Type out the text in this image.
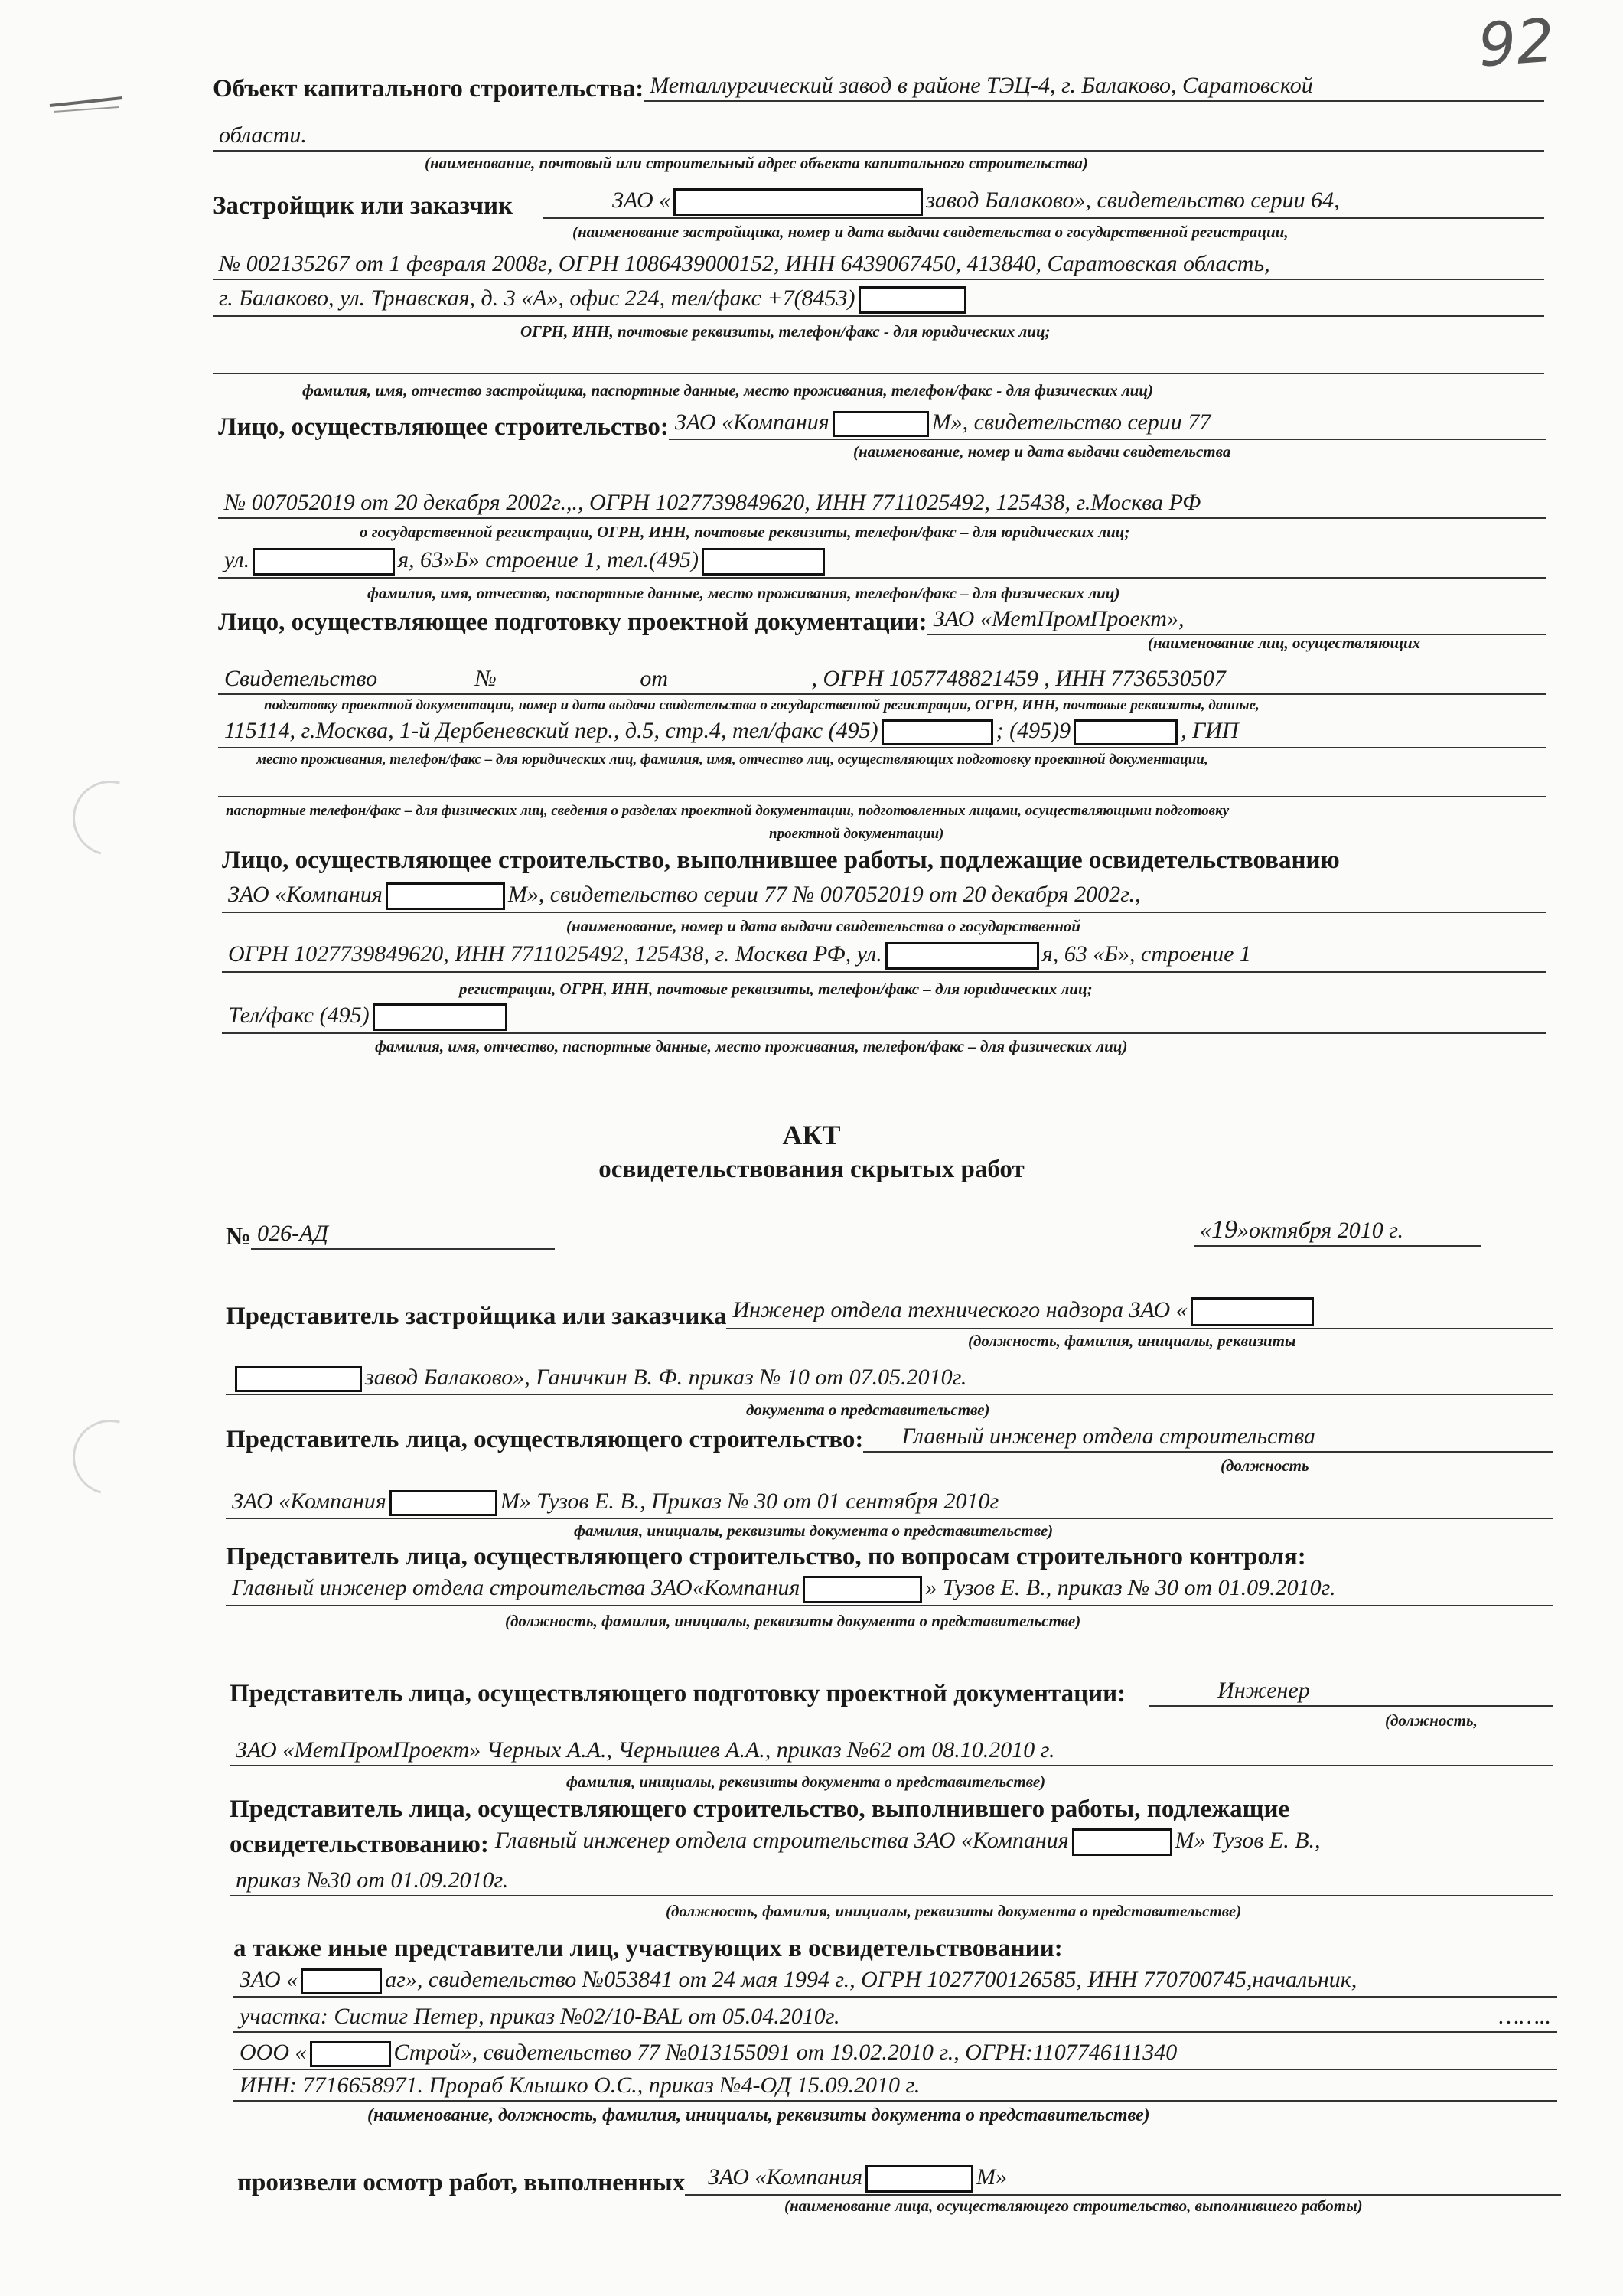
92
Объект капитального строительства: Металлургический завод в районе ТЭЦ-4, г. Балаково, Саратовской
области.
(наименование, почтовый или строительный адрес объекта капитального строительства)
Застройщик или заказчик	ЗАО «	завод Балаково», свидетельство серии 64,
(наименование застройщика, номер и дата выдачи свидетельства о государственной регистрации,
№ 002135267 от 1 февраля 2008г, ОГРН 1086439000152, ИНН 6439067450, 413840, Саратовская область,
г. Балаково, ул. Трнавская, д. 3 «А», офис 224, тел/факс +7(8453)
ОГРН, ИНН, почтовые реквизиты, телефон/факс - для юридических лиц;
фамилия, имя, отчество застройщика, паспортные данные, место проживания, телефон/факс - для физических лиц)
Лицо, осуществляющее строительство: ЗАО «Компания	М», свидетельство серии 77
(наименование, номер и дата выдачи свидетельства
№ 007052019 от 20 декабря 2002г.,., ОГРН 1027739849620, ИНН 7711025492, 125438, г.Москва РФ
о государственной регистрации, ОГРН, ИНН, почтовые реквизиты, телефон/факс – для юридических лиц;
ул.	я, 63»Б» строение 1, тел.(495)
фамилия, имя, отчество, паспортные данные, место проживания, телефон/факс – для физических лиц)
Лицо, осуществляющее подготовку проектной документации: ЗАО «МетПромПроект»,
(наименование лиц, осуществляющих
Свидетельство	№	от	, ОГРН 1057748821459 , ИНН 7736530507
подготовку проектной документации, номер и дата выдачи свидетельства о государственной регистрации, ОГРН, ИНН, почтовые реквизиты, данные,
115114, г.Москва, 1-й Дербеневский пер., д.5, стр.4, тел/факс (495)	; (495)9	, ГИП
место проживания, телефон/факс – для юридических лиц, фамилия, имя, отчество лиц, осуществляющих подготовку проектной документации,
паспортные телефон/факс – для физических лиц, сведения о разделах проектной документации, подготовленных лицами, осуществляющими подготовку
проектной документации)
Лицо, осуществляющее строительство, выполнившее работы, подлежащие освидетельствованию
ЗАО «Компания	М», свидетельство серии 77 № 007052019 от 20 декабря 2002г.,
(наименование, номер и дата выдачи свидетельства о государственной
ОГРН 1027739849620, ИНН 7711025492, 125438, г. Москва РФ, ул.	я, 63 «Б», строение 1
регистрации, ОГРН, ИНН, почтовые реквизиты, телефон/факс – для юридических лиц;
Тел/факс (495)
фамилия, имя, отчество, паспортные данные, место проживания, телефон/факс – для физических лиц)
АКТ
освидетельствования скрытых работ
№ 026-АД	«19»октября 2010 г.
Представитель застройщика или заказчика Инженер отдела технического надзора ЗАО «
(должность, фамилия, инициалы, реквизиты
завод Балаково», Ганичкин В. Ф. приказ № 10 от 07.05.2010г.
документа о представительстве)
Представитель лица, осуществляющего строительство:	Главный инженер отдела строительства
(должность
ЗАО «Компания	М» Тузов Е. В., Приказ № 30 от 01 сентября 2010г
фамилия, инициалы, реквизиты документа о представительстве)
Представитель лица, осуществляющего строительство, по вопросам строительного контроля:
Главный инженер отдела строительства ЗАО«Компания	» Тузов Е. В., приказ № 30 от 01.09.2010г.
(должность, фамилия, инициалы, реквизиты документа о представительстве)
Представитель лица, осуществляющего подготовку проектной документации:	Инженер
(должность,
ЗАО «МетПромПроект» Черных А.А., Чернышев А.А., приказ №62 от 08.10.2010 г.
фамилия, инициалы, реквизиты документа о представительстве)
Представитель лица, осуществляющего строительство, выполнившего работы, подлежащие
освидетельствованию: Главный инженер отдела строительства ЗАО «Компания	М» Тузов Е. В.,
приказ №30 от 01.09.2010г.
(должность, фамилия, инициалы, реквизиты документа о представительстве)
а также иные представители лиц, участвующих в освидетельствовании:
ЗАО «	аг», свидетельство №053841 от 24 мая 1994 г., ОГРН 1027700126585, ИНН 770700745,начальник,
участка: Систиг Петер, приказ №02/10-BAL от 05.04.2010г.	……..
ООО «	Строй», свидетельство 77 №013155091 от 19.02.2010 г., ОГРН:1107746111340
ИНН: 7716658971. Прораб Клышко О.С., приказ №4-ОД 15.09.2010 г.
(наименование, должность, фамилия, инициалы, реквизиты документа о представительстве)
произвели осмотр работ, выполненных	ЗАО «Компания	М»
(наименование лица, осуществляющего строительство, выполнившего работы)
